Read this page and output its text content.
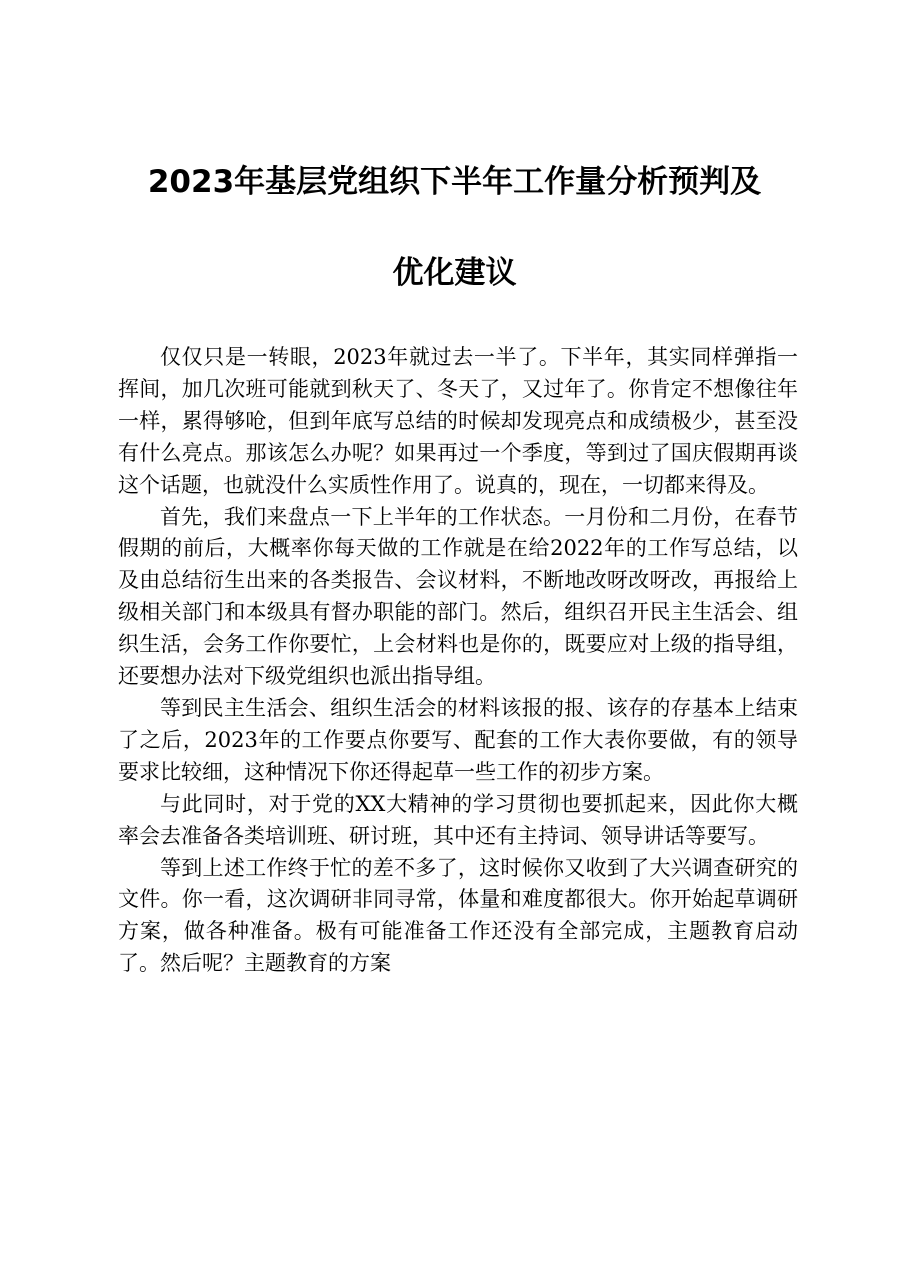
2023年基层党组织下半年工作量分析预判及
优化建议

仅仅只是一转眼，2023年就过去一半了。下半年，其实同样弹指一挥间，加几次班可能就到秋天了、冬天了，又过年了。你肯定不想像往年一样，累得够呛，但到年底写总结的时候却发现亮点和成绩极少，甚至没有什么亮点。那该怎么办呢？如果再过一个季度，等到过了国庆假期再谈这个话题，也就没什么实质性作用了。说真的，现在，一切都来得及。

首先，我们来盘点一下上半年的工作状态。一月份和二月份，在春节假期的前后，大概率你每天做的工作就是在给2022年的工作写总结，以及由总结衍生出来的各类报告、会议材料，不断地改呀改呀改，再报给上级相关部门和本级具有督办职能的部门。然后，组织召开民主生活会、组织生活，会务工作你要忙，上会材料也是你的，既要应对上级的指导组，还要想办法对下级党组织也派出指导组。

等到民主生活会、组织生活会的材料该报的报、该存的存基本上结束了之后，2023年的工作要点你要写、配套的工作大表你要做，有的领导要求比较细，这种情况下你还得起草一些工作的初步方案。

与此同时，对于党的XX大精神的学习贯彻也要抓起来，因此你大概率会去准备各类培训班、研讨班，其中还有主持词、领导讲话等要写。

等到上述工作终于忙的差不多了，这时候你又收到了大兴调查研究的文件。你一看，这次调研非同寻常，体量和难度都很大。你开始起草调研方案，做各种准备。极有可能准备工作还没有全部完成，主题教育启动了。然后呢？主题教育的方案
